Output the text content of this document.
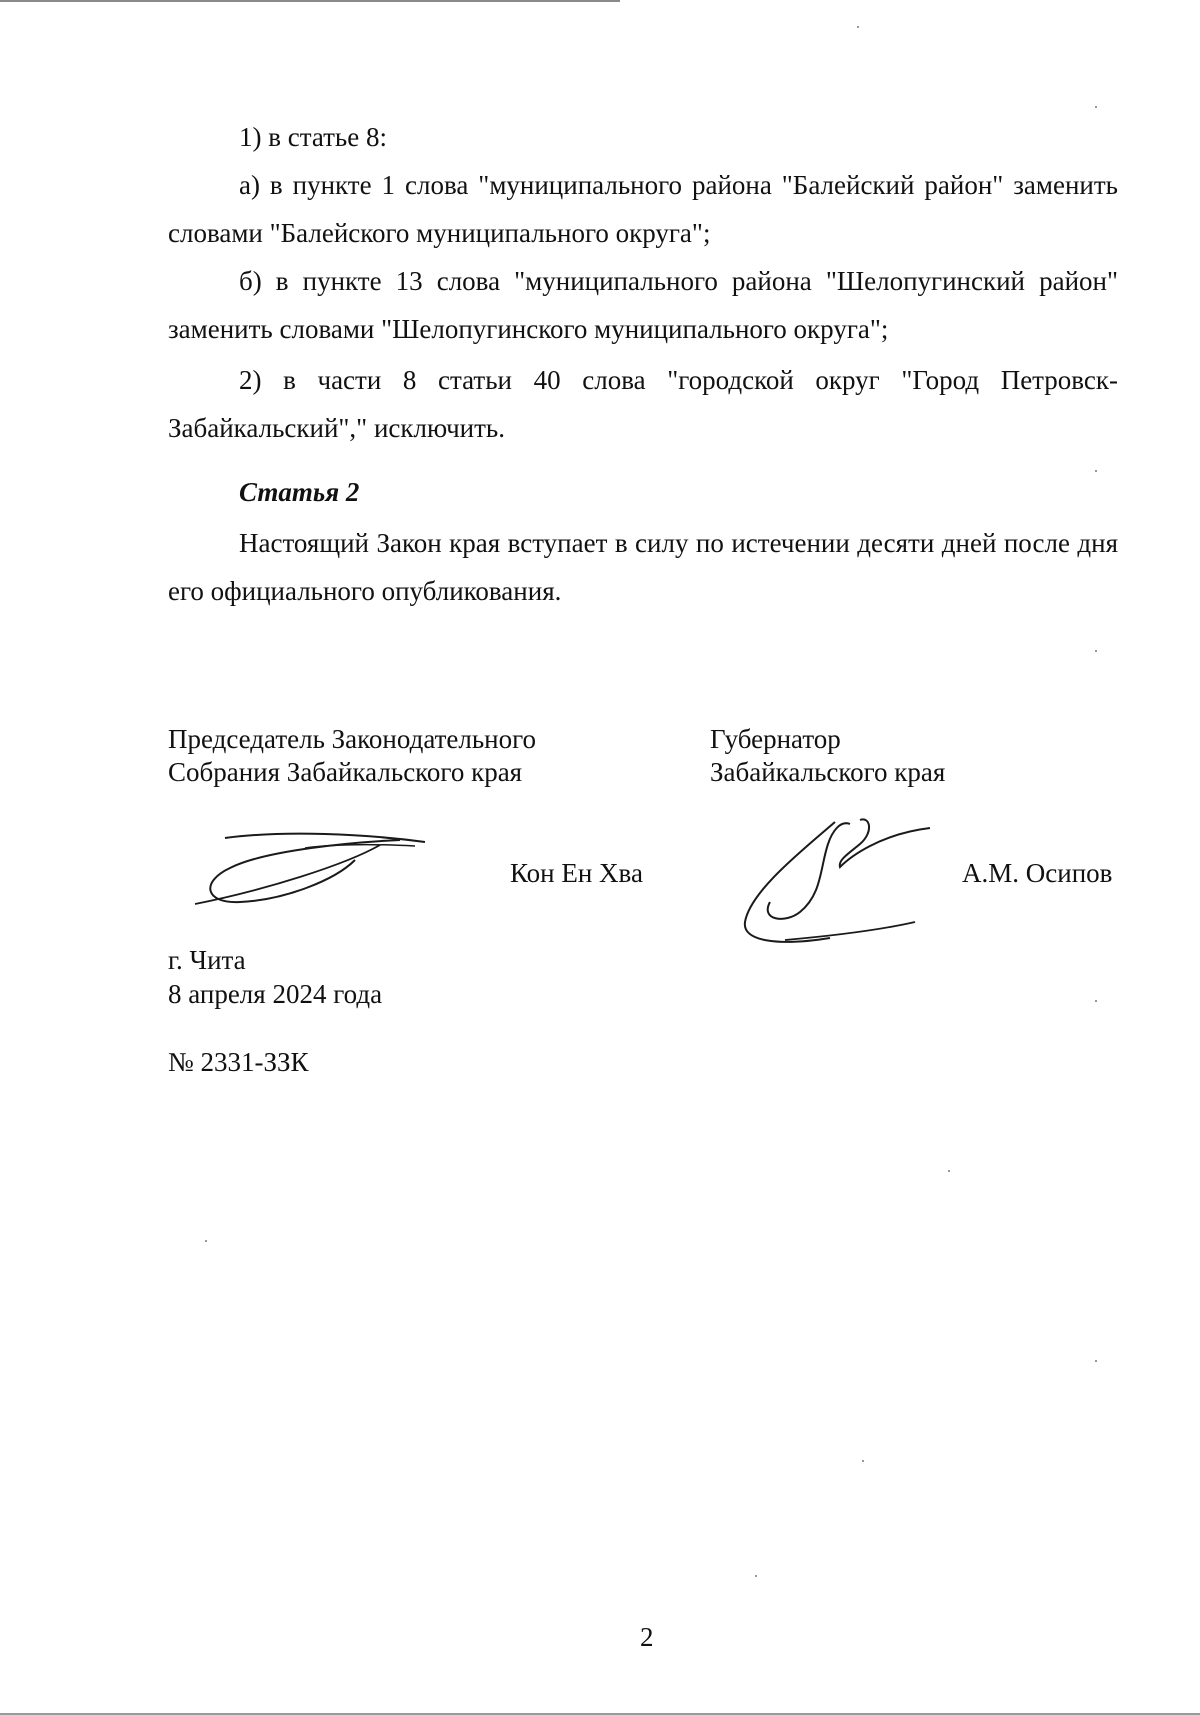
1) в статье 8:

а) в пункте 1 слова "муниципального района "Балейский район" заменить словами "Балейского муниципального округа";

б) в пункте 13 слова "муниципального района "Шелопугинский район" заменить словами "Шелопугинского муниципального округа";

2) в части 8 статьи 40 слова "городской округ "Город Петровск-Забайкальский"," исключить.

Статья 2

Настоящий Закон края вступает в силу по истечении десяти дней после дня его официального опубликования.

Председатель Законодательного
Собрания Забайкальского края
Кон Ен Хва
Губернатор
Забайкальского края
А.М. Осипов
г. Чита
8 апреля 2024 года
№ 2331-ЗЗК
2
